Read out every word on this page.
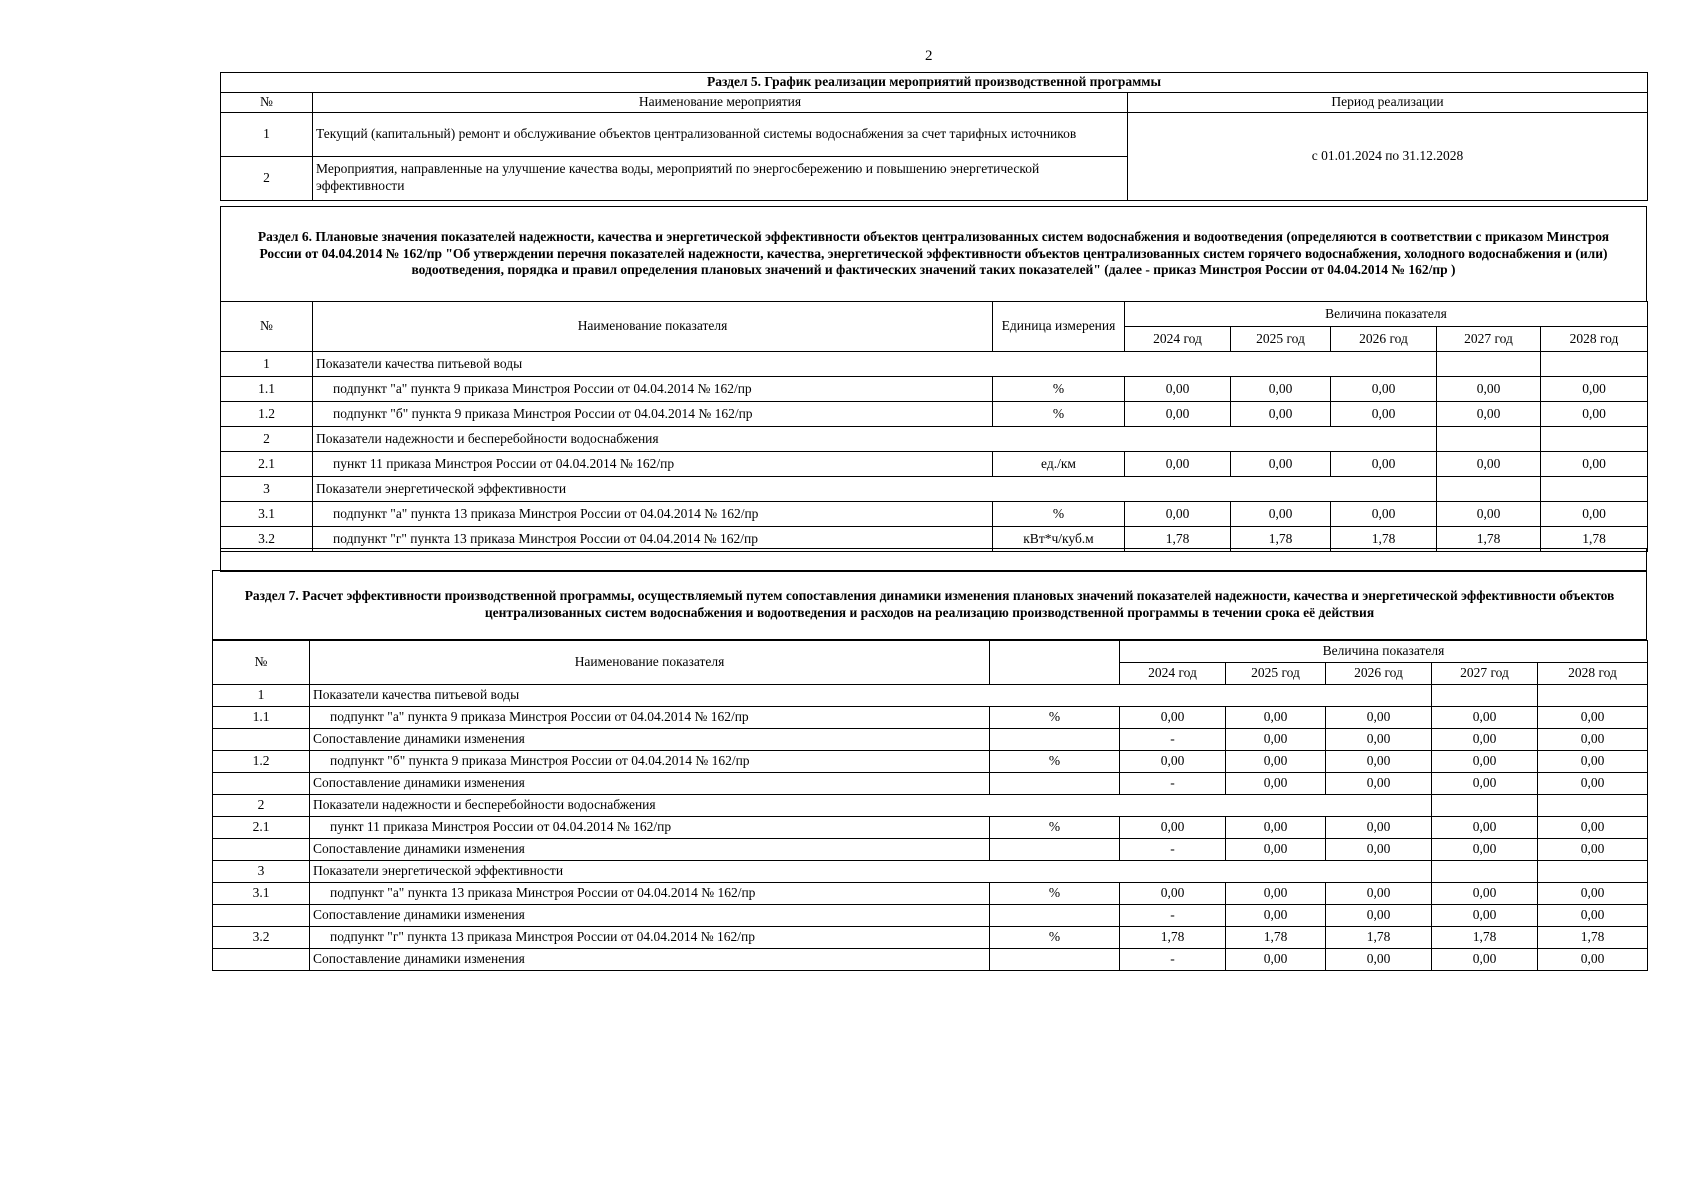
2
Раздел 5. График реализации мероприятий производственной программы		
№	Наименование мероприятия	Период реализации
1	Текущий (капитальный) ремонт и обслуживание объектов централизованной системы водоснабжения за счет тарифных источников	с 01.01.2024 по 31.12.2028
2	Мероприятия, направленные на улучшение качества воды, мероприятий по энергосбережению и повышению энергетической эффективности	
Раздел 6. Плановые значения показателей надежности, качества и энергетической эффективности объектов централизованных систем водоснабжения и водоотведения (определяются в соответствии с приказом Минстроя России от 04.04.2014 № 162/пр "Об утверждении перечня показателей надежности, качества, энергетической эффективности объектов централизованных систем горячего водоснабжения, холодного водоснабжения и (или) водоотведения, порядка и правил определения плановых значений и фактических значений таких показателей" (далее - приказ Минстроя России от 04.04.2014 № 162/пр )
№	Наименование показателя	Единица измерения	Величина показателя				
			2024 год	2025 год	2026 год	2027 год	2028 год
1	Показатели качества питьевой воды						
1.1	подпункт "а" пункта 9 приказа Минстроя России от 04.04.2014 № 162/пр	%	0,00	0,00	0,00	0,00	0,00
1.2	подпункт "б" пункта 9 приказа Минстроя России от 04.04.2014 № 162/пр	%	0,00	0,00	0,00	0,00	0,00
2	Показатели надежности и бесперебойности водоснабжения						
2.1	пункт 11 приказа Минстроя России от 04.04.2014 № 162/пр	ед./км	0,00	0,00	0,00	0,00	0,00
3	Показатели энергетической эффективности						
3.1	подпункт "а" пункта 13 приказа Минстроя России от 04.04.2014 № 162/пр	%	0,00	0,00	0,00	0,00	0,00
3.2	подпункт "г" пункта 13 приказа Минстроя России от 04.04.2014 № 162/пр	кВт*ч/куб.м	1,78	1,78	1,78	1,78	1,78
Раздел 7. Расчет эффективности производственной программы, осуществляемый путем сопоставления динамики изменения плановых значений показателей надежности, качества и энергетической эффективности объектов централизованных систем водоснабжения и водоотведения и расходов на реализацию производственной программы в течении срока её действия
№	Наименование показателя		Величина показателя				
			2024 год	2025 год	2026 год	2027 год	2028 год
1	Показатели качества питьевой воды						
1.1	подпункт "а" пункта 9 приказа Минстроя России от 04.04.2014 № 162/пр	%	0,00	0,00	0,00	0,00	0,00
	Сопоставление динамики изменения		-	0,00	0,00	0,00	0,00
1.2	подпункт "б" пункта 9 приказа Минстроя России от 04.04.2014 № 162/пр	%	0,00	0,00	0,00	0,00	0,00
	Сопоставление динамики изменения		-	0,00	0,00	0,00	0,00
2	Показатели надежности и бесперебойности водоснабжения						
2.1	пункт 11 приказа Минстроя России от 04.04.2014 № 162/пр	%	0,00	0,00	0,00	0,00	0,00
	Сопоставление динамики изменения		-	0,00	0,00	0,00	0,00
3	Показатели энергетической эффективности						
3.1	подпункт "а" пункта 13 приказа Минстроя России от 04.04.2014 № 162/пр	%	0,00	0,00	0,00	0,00	0,00
	Сопоставление динамики изменения		-	0,00	0,00	0,00	0,00
3.2	подпункт "г" пункта 13 приказа Минстроя России от 04.04.2014 № 162/пр	%	1,78	1,78	1,78	1,78	1,78
	Сопоставление динамики изменения		-	0,00	0,00	0,00	0,00
